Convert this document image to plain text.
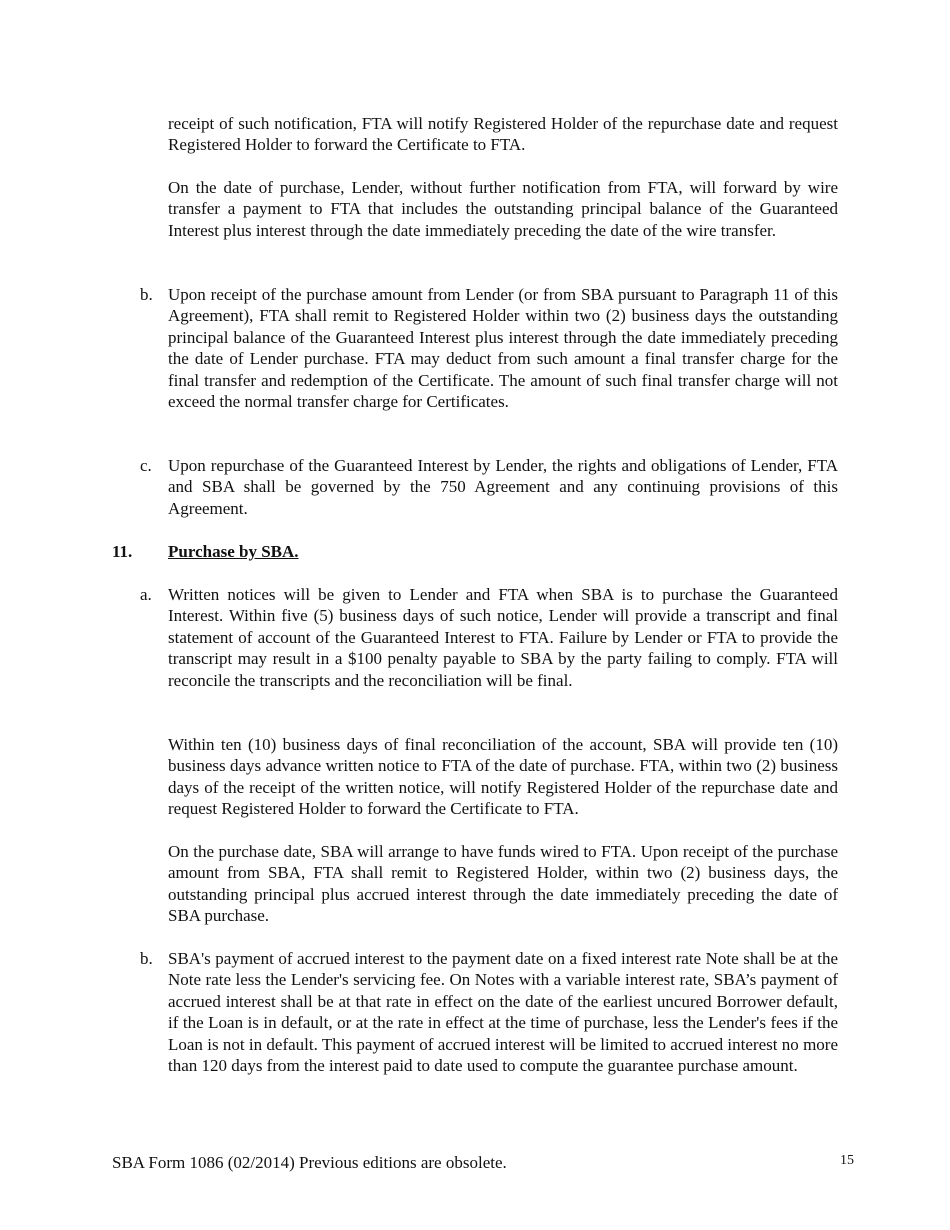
receipt of such notification, FTA will notify Registered Holder of the repurchase date and request Registered Holder to forward the Certificate to FTA.

On the date of purchase, Lender, without further notification from FTA, will forward by wire transfer a payment to FTA that includes the outstanding principal balance of the Guaranteed Interest plus interest through the date immediately preceding the date of the wire transfer.

b. Upon receipt of the purchase amount from Lender (or from SBA pursuant to Paragraph 11 of this Agreement), FTA shall remit to Registered Holder within two (2) business days the outstanding principal balance of the Guaranteed Interest plus interest through the date immediately preceding the date of Lender purchase. FTA may deduct from such amount a final transfer charge for the final transfer and redemption of the Certificate. The amount of such final transfer charge will not exceed the normal transfer charge for Certificates.

c. Upon repurchase of the Guaranteed Interest by Lender, the rights and obligations of Lender, FTA and SBA shall be governed by the 750 Agreement and any continuing provisions of this Agreement.

11. Purchase by SBA.

a. Written notices will be given to Lender and FTA when SBA is to purchase the Guaranteed Interest. Within five (5) business days of such notice, Lender will provide a transcript and final statement of account of the Guaranteed Interest to FTA. Failure by Lender or FTA to provide the transcript may result in a $100 penalty payable to SBA by the party failing to comply. FTA will reconcile the transcripts and the reconciliation will be final.

Within ten (10) business days of final reconciliation of the account, SBA will provide ten (10) business days advance written notice to FTA of the date of purchase. FTA, within two (2) business days of the receipt of the written notice, will notify Registered Holder of the repurchase date and request Registered Holder to forward the Certificate to FTA.

On the purchase date, SBA will arrange to have funds wired to FTA. Upon receipt of the purchase amount from SBA, FTA shall remit to Registered Holder, within two (2) business days, the outstanding principal plus accrued interest through the date immediately preceding the date of SBA purchase.

b. SBA's payment of accrued interest to the payment date on a fixed interest rate Note shall be at the Note rate less the Lender's servicing fee. On Notes with a variable interest rate, SBA’s payment of accrued interest shall be at that rate in effect on the date of the earliest uncured Borrower default, if the Loan is in default, or at the rate in effect at the time of purchase, less the Lender's fees if the Loan is not in default. This payment of accrued interest will be limited to accrued interest no more than 120 days from the interest paid to date used to compute the guarantee purchase amount.

SBA Form 1086 (02/2014) Previous editions are obsolete.	15
